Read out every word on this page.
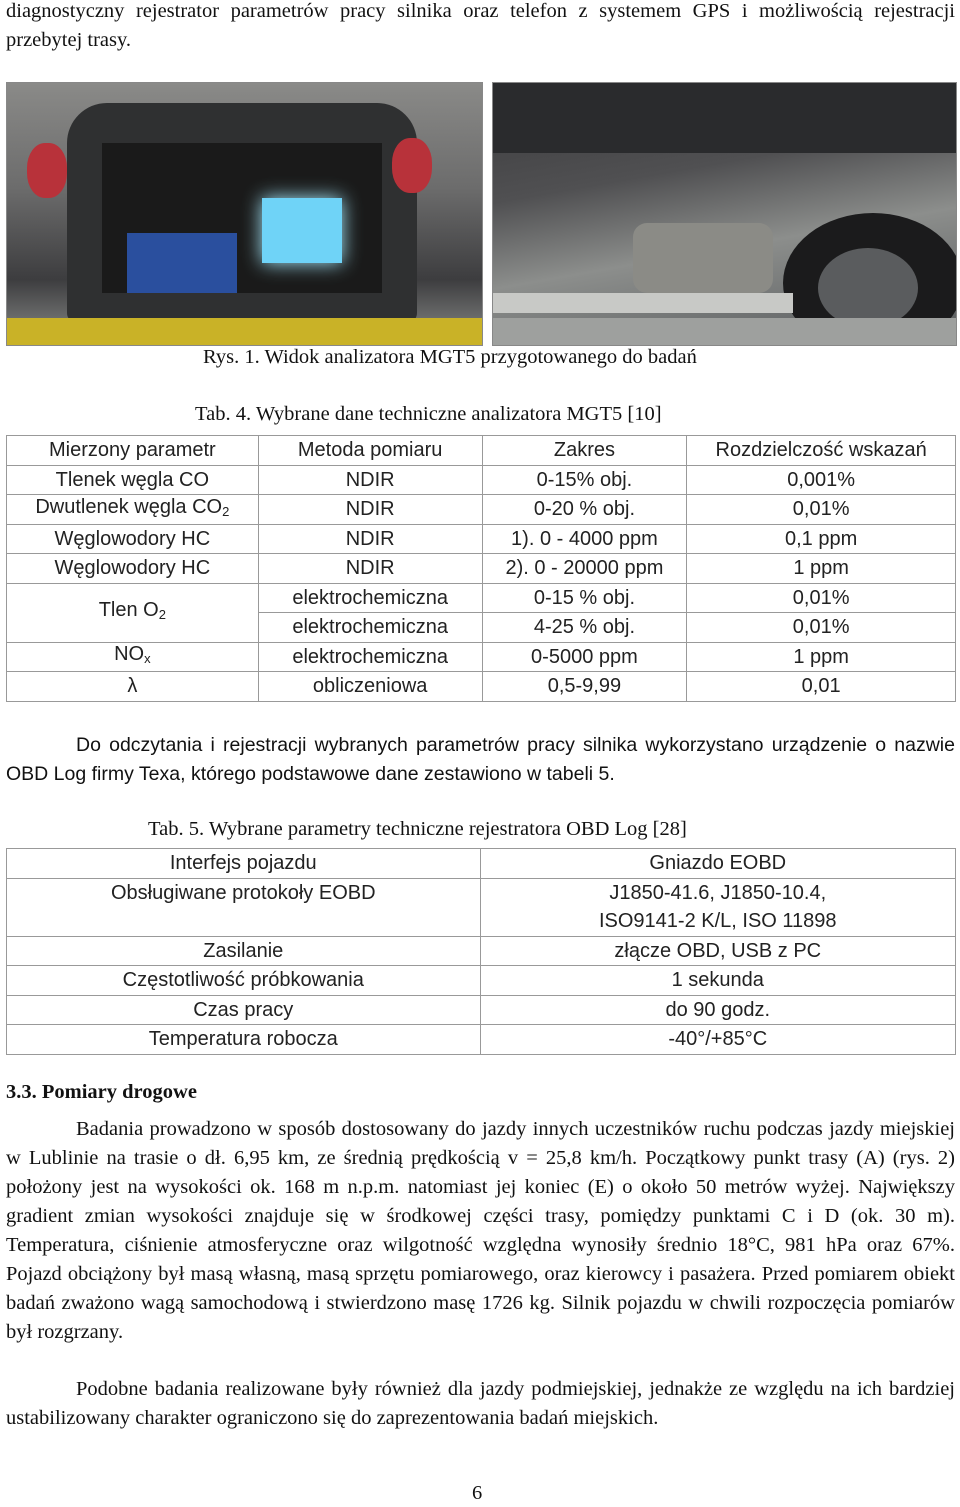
diagnostyczny rejestrator parametrów pracy silnika oraz telefon z systemem GPS i możliwością rejestracji przebytej trasy.

Rys. 1. Widok analizatora MGT5 przygotowanego do badań
Tab. 4. Wybrane dane techniczne analizatora MGT5 [10]
Mierzony parametr	Metoda pomiaru	Zakres	Rozdzielczość wskazań
Tlenek węgla CO	NDIR	0-15% obj.	0,001%
Dwutlenek węgla $CO_2$	NDIR	0-20 % obj.	0,01%
Węglowodory HC	NDIR	1). 0 - 4000 ppm	0,1 ppm
Węglowodory HC	NDIR	2). 0 - 20000 ppm	1 ppm
Tlen $O_2$	elektrochemiczna	0-15 % obj.	0,01%
	elektrochemiczna	4-25 % obj.	0,01%
$NO_x$	elektrochemiczna	0-5000 ppm	1 ppm
λ	obliczeniowa	0,5-9,99	0,01

Do odczytania i rejestracji wybranych parametrów pracy silnika wykorzystano urządzenie o nazwie OBD Log firmy Texa, którego podstawowe dane zestawiono w tabeli 5.

Tab. 5. Wybrane parametry techniczne rejestratora OBD Log [28]
Interfejs pojazdu	Gniazdo EOBD
Obsługiwane protokoły EOBD	J1850-41.6, J1850-10.4,
	ISO9141-2 K/L, ISO 11898
Zasilanie	złącze OBD, USB z PC
Częstotliwość próbkowania	1 sekunda
Czas pracy	do 90 godz.
Temperatura robocza	-40°/+85°C
3.3. Pomiary drogowe

Badania prowadzono w sposób dostosowany do jazdy innych uczestników ruchu podczas jazdy miejskiej w Lublinie na trasie o dł. 6,95 km, ze średnią prędkością v = 25,8 km/h. Początkowy punkt trasy (A) (rys. 2) położony jest na wysokości ok. 168 m n.p.m. natomiast jej koniec (E) o około 50 metrów wyżej. Największy gradient zmian wysokości znajduje się w środkowej części trasy, pomiędzy punktami C i D (ok. 30 m). Temperatura, ciśnienie atmosferyczne oraz wilgotność względna wynosiły średnio 18°C, 981 hPa oraz 67%. Pojazd obciążony był masą własną, masą sprzętu pomiarowego, oraz kierowcy i pasażera. Przed pomiarem obiekt badań zważono wagą samochodową i stwierdzono masę 1726 kg. Silnik pojazdu w chwili rozpoczęcia pomiarów był rozgrzany.

Podobne badania realizowane były również dla jazdy podmiejskiej, jednakże ze względu na ich bardziej ustabilizowany charakter ograniczono się do zaprezentowania badań miejskich.

6
